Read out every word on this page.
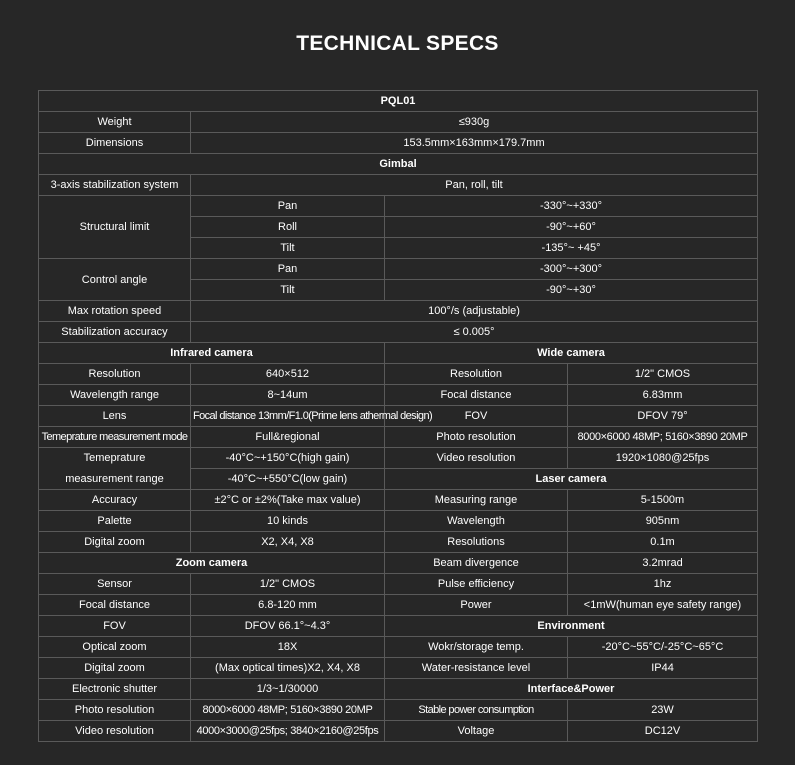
TECHNICAL SPECS
PQL01			
Weight	≤930g		
Dimensions	153.5mm×163mm×179.7mm		
Gimbal			
3-axis stabilization system	Pan, roll, tilt		
Structural limit	Pan	-330°~+330°	
	Roll	-90°~+60°	
	Tilt	-135°~ +45°	
Control angle	Pan	-300°~+300°	
	Tilt	-90°~+30°	
Max rotation speed	100°/s (adjustable)		
Stabilization accuracy	≤ 0.005°		
Infrared camera		Wide camera	
Resolution	640×512	Resolution	1/2" CMOS
Wavelength range	8~14um	Focal distance	6.83mm
Lens	Focal distance 13mm/F1.0(Prime lens athermal design)	FOV	DFOV 79°
Temeprature measurement mode	Full&regional	Photo resolution	8000×6000 48MP; 5160×3890 20MP
Temeprature	-40°C~+150°C(high gain)	Video resolution	1920×1080@25fps
measurement range	-40°C~+550°C(low gain)	Laser camera	
Accuracy	±2°C or ±2%(Take max value)	Measuring range	5-1500m
Palette	10 kinds	Wavelength	905nm
Digital zoom	X2, X4, X8	Resolutions	0.1m
Zoom camera		Beam divergence	3.2mrad
Sensor	1/2" CMOS	Pulse efficiency	1hz
Focal distance	6.8-120 mm	Power	<1mW(human eye safety range)
FOV	DFOV 66.1°~4.3°	Environment	
Optical zoom	18X	Wokr/storage temp.	-20°C~55°C/-25°C~65°C
Digital zoom	(Max optical times)X2, X4, X8	Water-resistance level	IP44
Electronic shutter	1/3~1/30000	Interface&Power	
Photo resolution	8000×6000 48MP; 5160×3890 20MP	Stable power consumption	23W
Video resolution	4000×3000@25fps; 3840×2160@25fps	Voltage	DC12V
